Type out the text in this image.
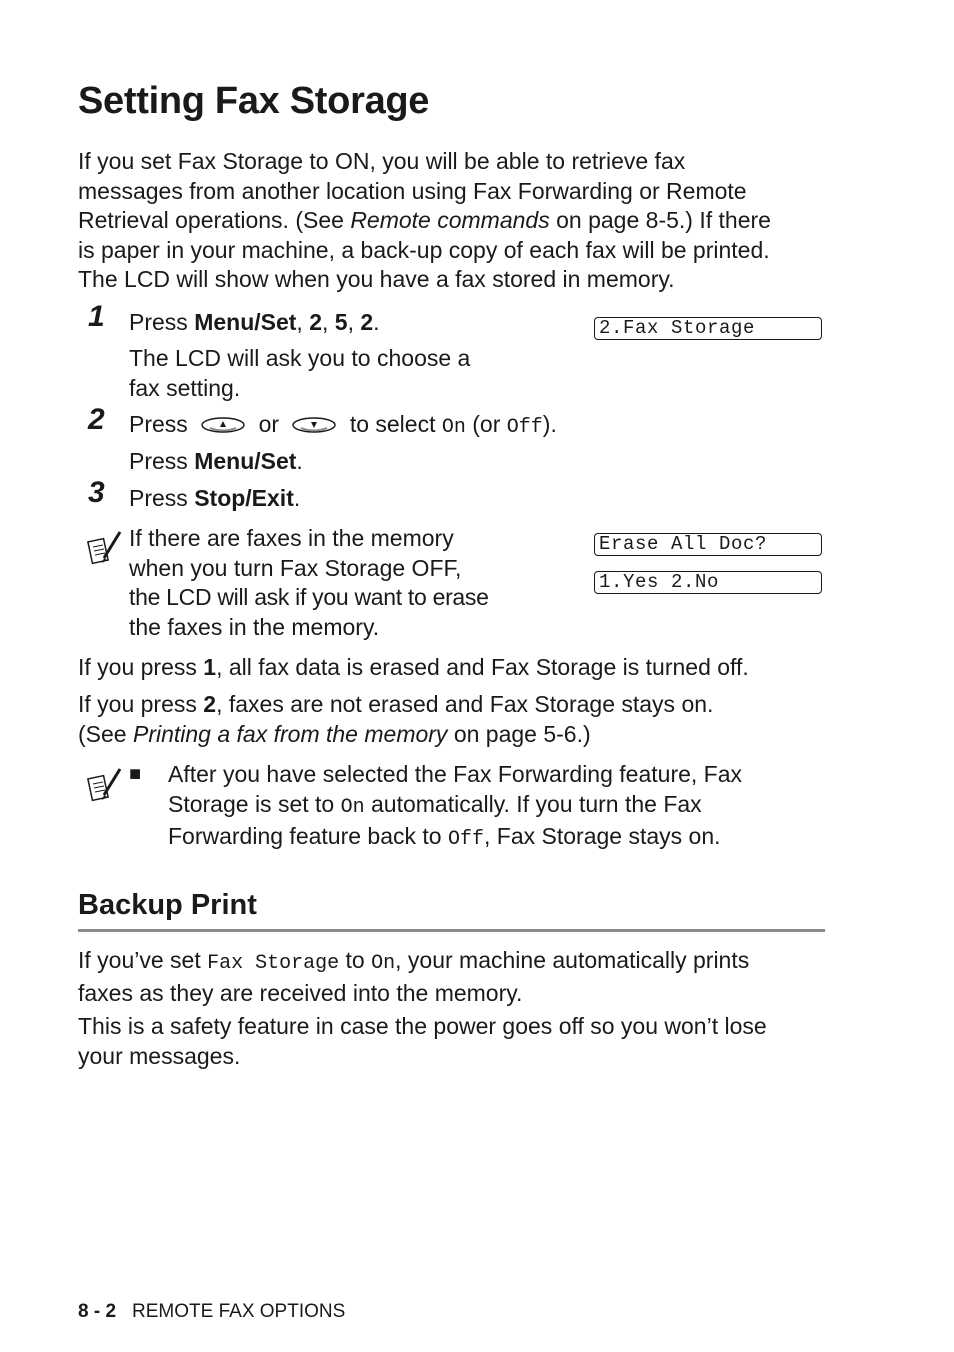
Setting Fax Storage
If you set Fax Storage to ON, you will be able to retrieve fax
messages from another location using Fax Forwarding or Remote
Retrieval operations. (See Remote commands on page 8-5.) If there
is paper in your machine, a back-up copy of each fax will be printed.
The LCD will show when you have a fax stored in memory.
1 Press Menu/Set, 2, 5, 2.
The LCD will ask you to choose a
fax setting.
2.Fax Storage
2 Press	or	to select On (or Off).
Press Menu/Set.
3 Press Stop/Exit.
If there are faxes in the memory
when you turn Fax Storage OFF,
the LCD will ask if you want to erase
the faxes in the memory.
Erase All Doc?
1.Yes 2.No
If you press 1, all fax data is erased and Fax Storage is turned off.
If you press 2, faxes are not erased and Fax Storage stays on.
(See Printing a fax from the memory on page 5-6.)
■ After you have selected the Fax Forwarding feature, Fax
Storage is set to On automatically. If you turn the Fax
Forwarding feature back to Off, Fax Storage stays on.
Backup Print
If you’ve set Fax Storage to On, your machine automatically prints
faxes as they are received into the memory.
This is a safety feature in case the power goes off so you won’t lose
your messages.
8 - 2 REMOTE FAX OPTIONS
